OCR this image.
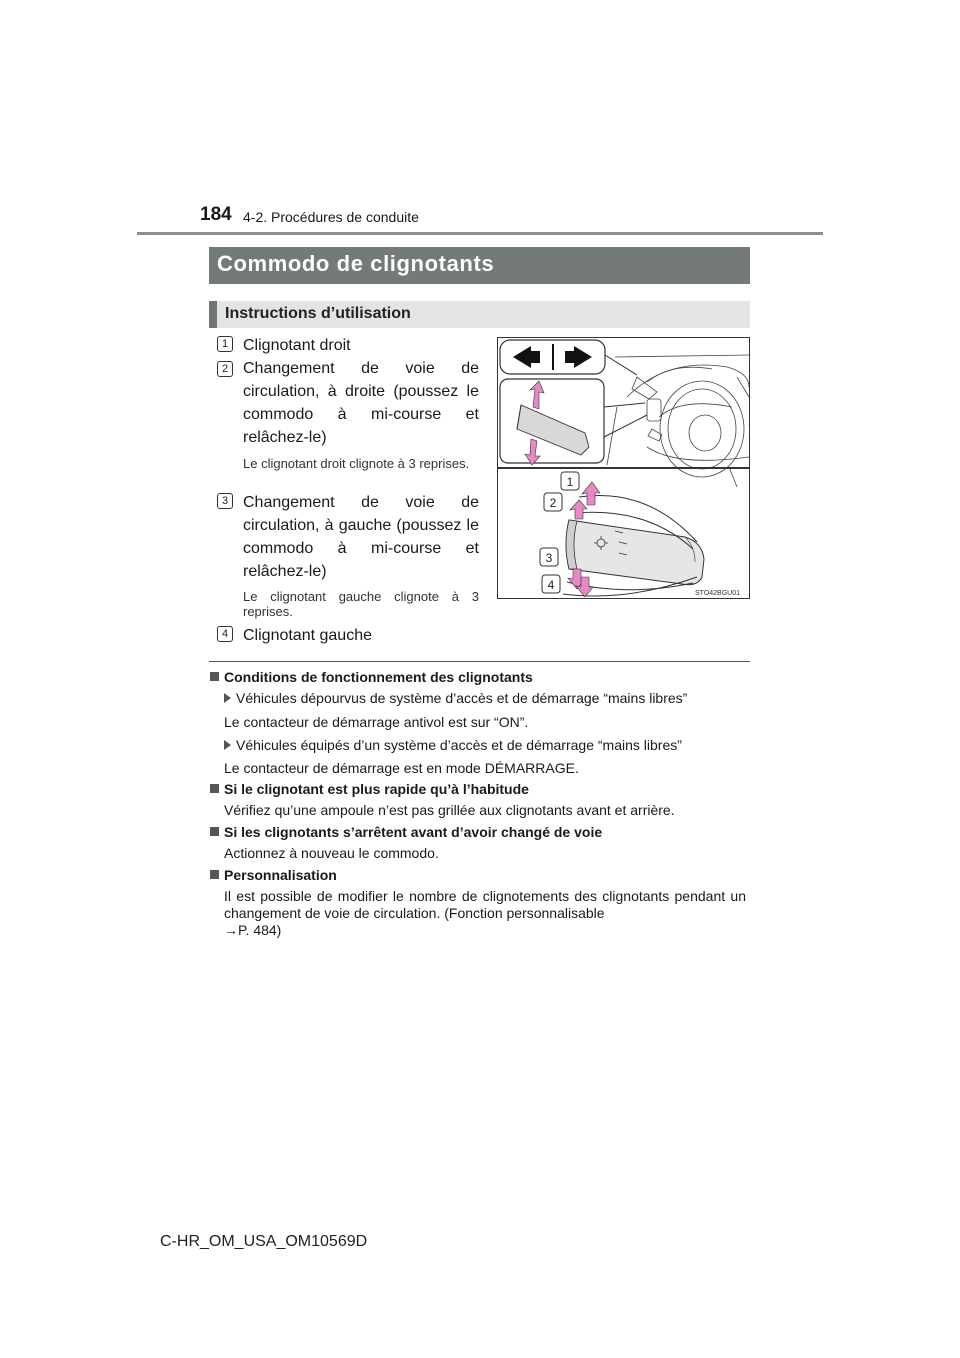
184 4-2. Procédures de conduite
Commodo de clignotants
Instructions d’utilisation
1 Clignotant droit
2 Changement de voie de circulation, à droite (poussez le commodo à mi-course et relâchez-le)
Le clignotant droit clignote à 3 reprises.
3 Changement de voie de circulation, à gauche (poussez le commodo à mi-course et relâchez-le)
Le clignotant gauche clignote à 3 reprises.
4 Clignotant gauche
1
2
3
4
STO42BGU01
Conditions de fonctionnement des clignotants
Véhicules dépourvus de système d’accès et de démarrage “mains libres”
Le contacteur de démarrage antivol est sur “ON”.
Véhicules équipés d’un système d’accès et de démarrage “mains libres”
Le contacteur de démarrage est en mode DÉMARRAGE.
Si le clignotant est plus rapide qu’à l’habitude
Vérifiez qu’une ampoule n’est pas grillée aux clignotants avant et arrière.
Si les clignotants s’arrêtent avant d’avoir changé de voie
Actionnez à nouveau le commodo.
Personnalisation
Il est possible de modifier le nombre de clignotements des clignotants pendant un changement de voie de circulation. (Fonction personnalisable
→P. 484)
C-HR_OM_USA_OM10569D
